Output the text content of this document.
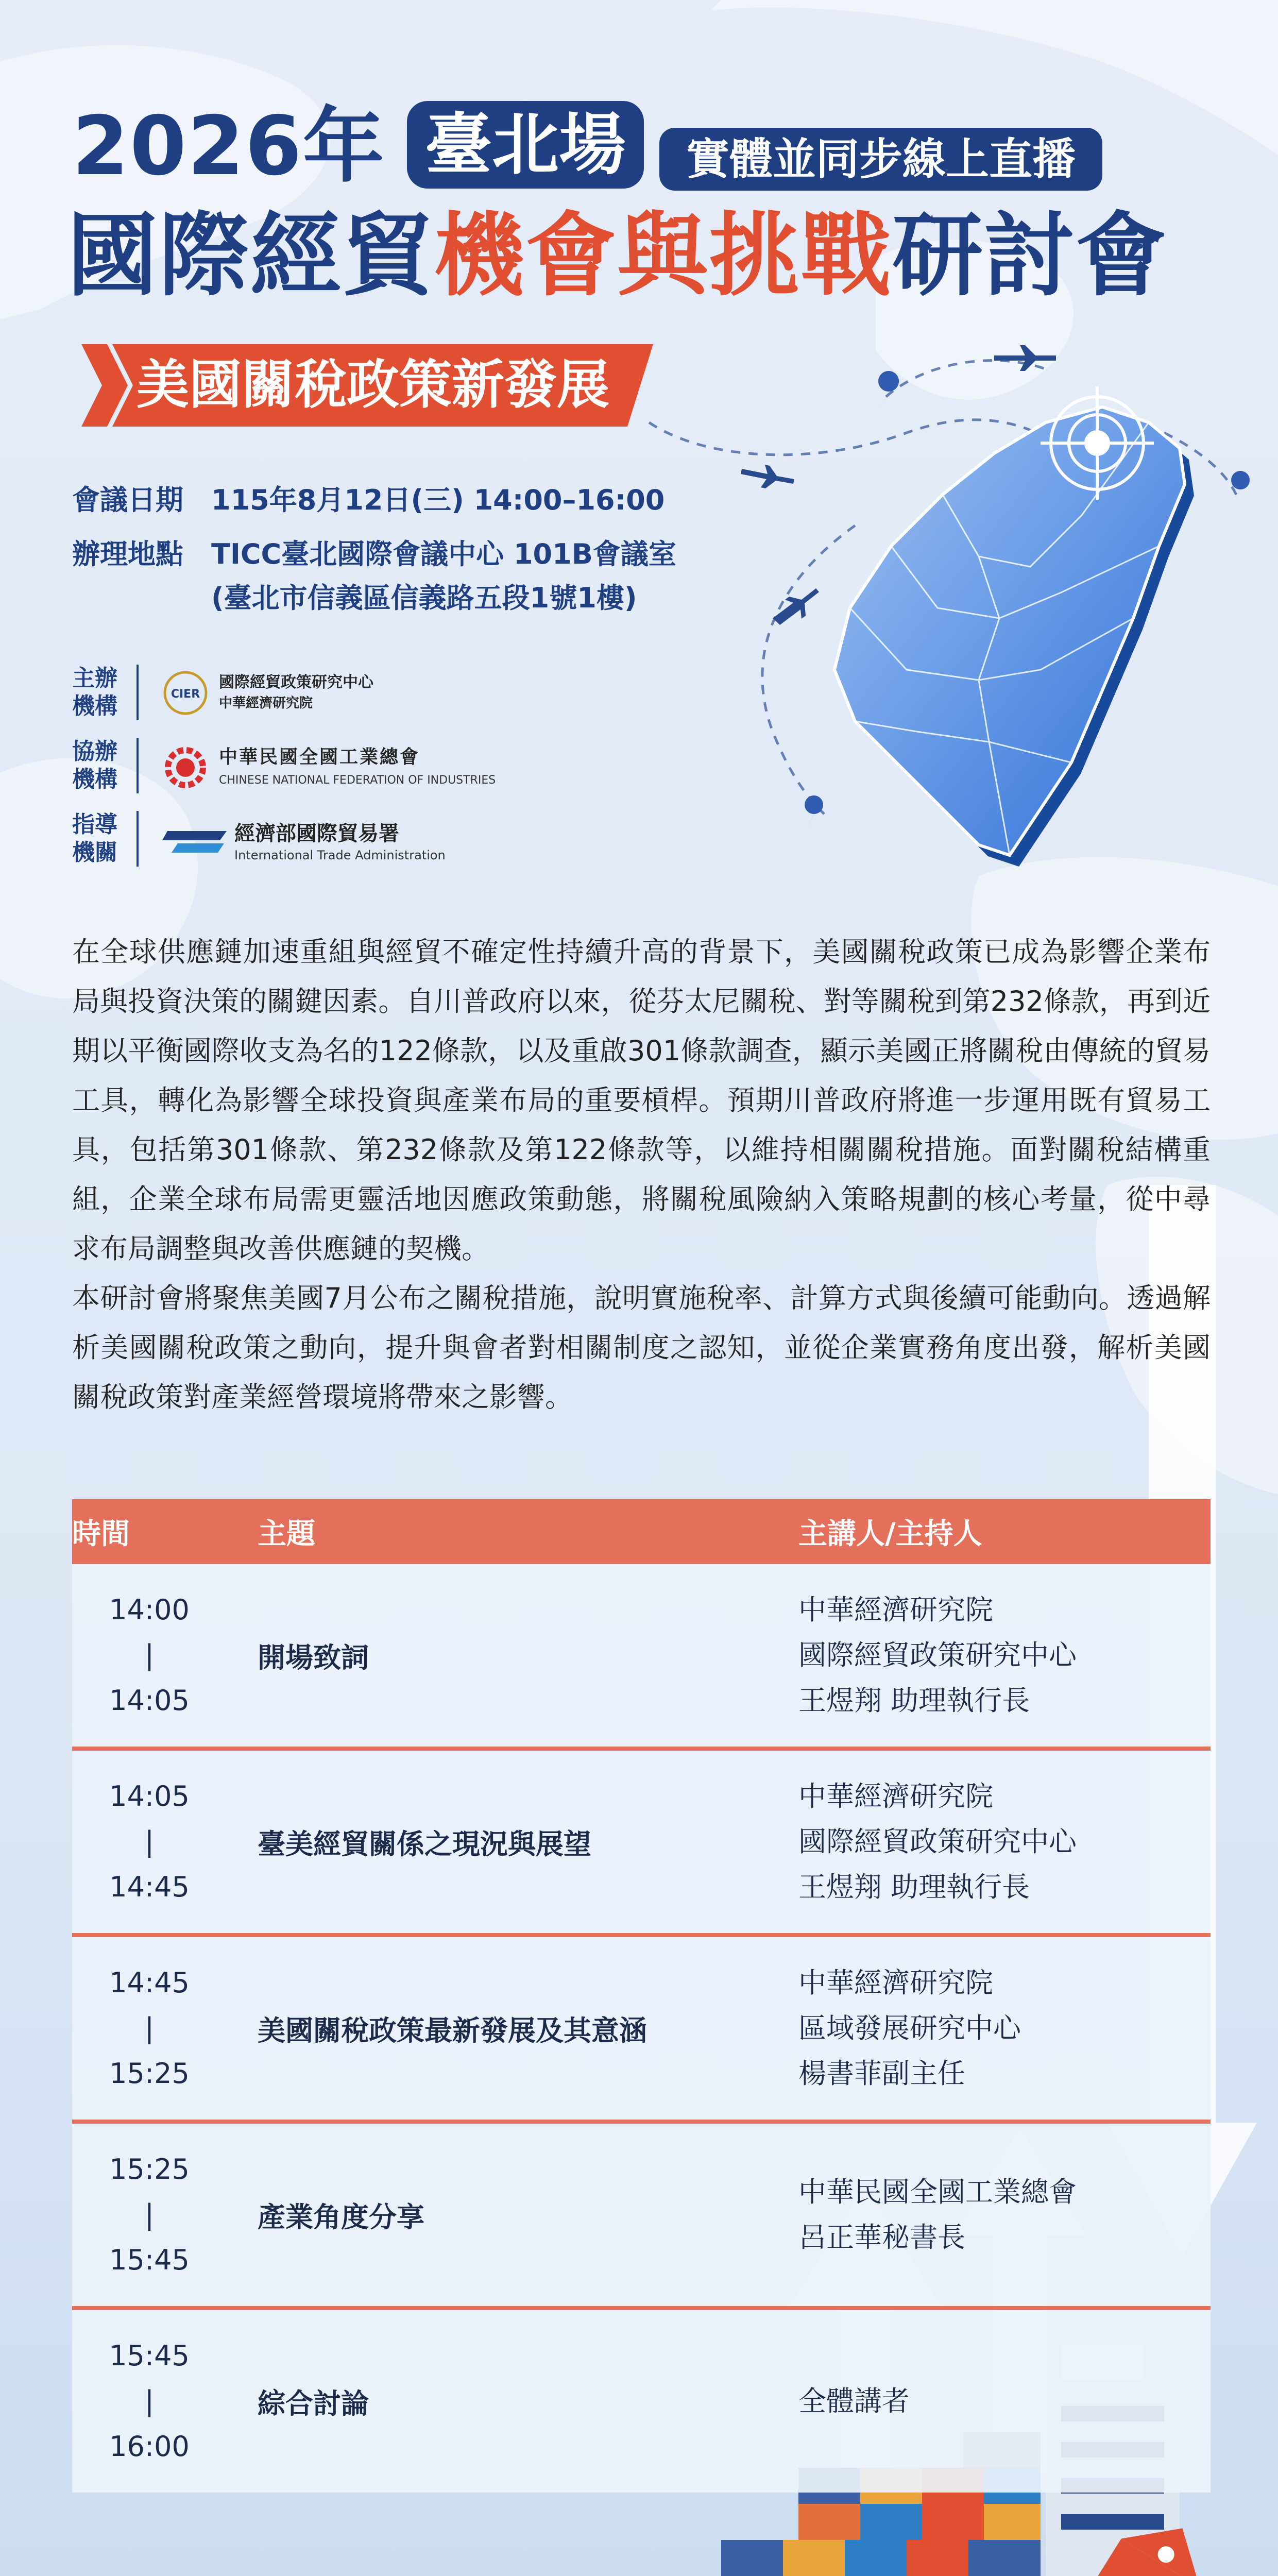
2026年 臺北場	實體並同步線上直播
國際經貿機會與挑戰研討會
美國關稅政策新發展
會議日期 115年8月12日(三) 14:00–16:00
辦理地點 TICC臺北國際會議中心 101B會議室
(臺北市信義區信義路五段1號1樓)
主辦
機構	CIER
國際經貿政策研究中心
中華經濟研究院
協辦
機構
中華民國全國工業總會
CHINESE NATIONAL FEDERATION OF INDUSTRIES
指導
機關
經濟部國際貿易署
International Trade Administration

在全球供應鏈加速重組與經貿不確定性持續升高的背景下，美國關稅政策已成為影響企業布局與投資決策的關鍵因素。自川普政府以來，從芬太尼關稅、對等關稅到第232條款，再到近期以平衡國際收支為名的122條款，以及重啟301條款調查，顯示美國正將關稅由傳統的貿易工具，轉化為影響全球投資與產業布局的重要槓桿。預期川普政府將進一步運用既有貿易工具，包括第301條款、第232條款及第122條款等，以維持相關關稅措施。面對關稅結構重組，企業全球布局需更靈活地因應政策動態，將關稅風險納入策略規劃的核心考量，從中尋求布局調整與改善供應鏈的契機。

本研討會將聚焦美國7月公布之關稅措施，說明實施稅率、計算方式與後續可能動向。透過解析美國關稅政策之動向，提升與會者對相關制度之認知，並從企業實務角度出發，解析美國關稅政策對產業經營環境將帶來之影響。

時間	主題	主講人/主持人

14:00
|
14:05	開場致詞	中華經濟研究院
國際經貿政策研究中心
王煜翔 助理執行長

14:05
|
14:45	臺美經貿關係之現況與展望	中華經濟研究院
國際經貿政策研究中心
王煜翔 助理執行長

14:45
|
15:25	美國關稅政策最新發展及其意涵	中華經濟研究院
區域發展研究中心
楊書菲副主任

15:25
|
15:45	產業角度分享	中華民國全國工業總會
呂正華秘書長

15:45
|
16:00	綜合討論	全體講者
